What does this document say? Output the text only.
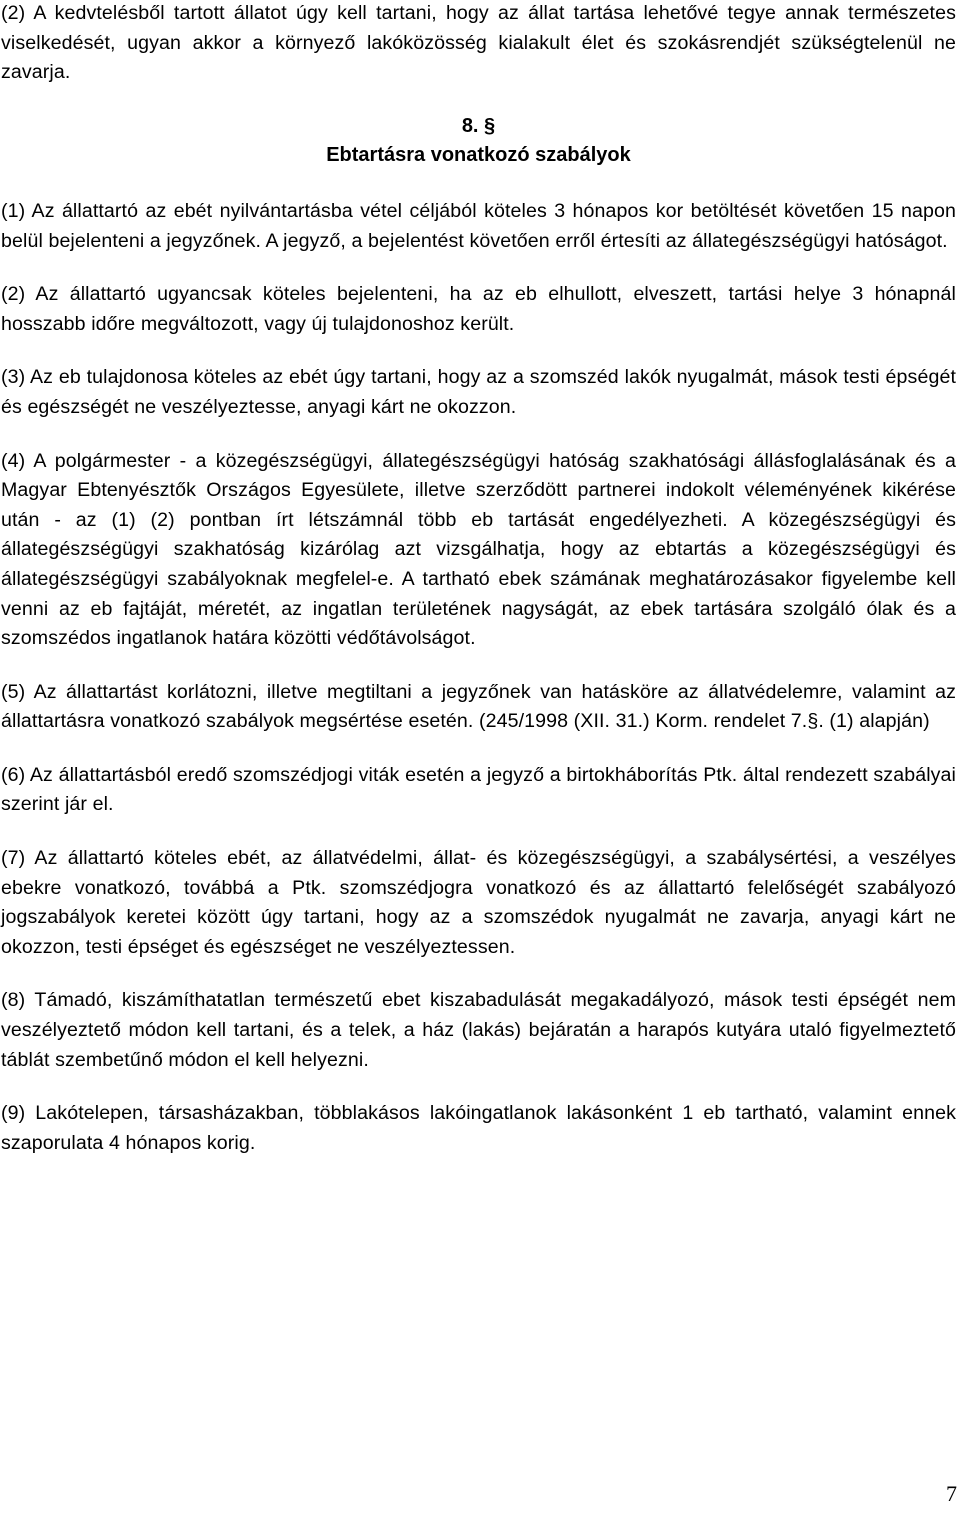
(2) A kedvtelésből tartott állatot úgy kell tartani, hogy az állat tartása lehetővé tegye annak természetes viselkedését, ugyan akkor a környező lakóközösség kialakult élet és szokásrendjét szükségtelenül ne zavarja.

8. §

Ebtartásra vonatkozó szabályok

(1) Az állattartó az ebét nyilvántartásba vétel céljából köteles 3 hónapos kor betöltését követően 15 napon belül bejelenteni a jegyzőnek. A jegyző, a bejelentést követően erről értesíti az állategészségügyi hatóságot.

(2) Az állattartó ugyancsak köteles bejelenteni, ha az eb elhullott, elveszett, tartási helye 3 hónapnál hosszabb időre megváltozott, vagy új tulajdonoshoz került.

(3) Az eb tulajdonosa köteles az ebét úgy tartani, hogy az a szomszéd lakók nyugalmát, mások testi épségét és egészségét ne veszélyeztesse, anyagi kárt ne okozzon.

(4) A polgármester - a közegészségügyi, állategészségügyi hatóság szakhatósági állásfoglalásának és a Magyar Ebtenyésztők Országos Egyesülete, illetve szerződött partnerei indokolt véleményének kikérése után - az (1) (2) pontban írt létszámnál több eb tartását engedélyezheti. A közegészségügyi és állategészségügyi szakhatóság kizárólag azt vizsgálhatja, hogy az ebtartás a közegészségügyi és állategészségügyi szabályoknak megfelel-e. A tartható ebek számának meghatározásakor figyelembe kell venni az eb fajtáját, méretét, az ingatlan területének nagyságát, az ebek tartására szolgáló ólak és a szomszédos ingatlanok határa közötti védőtávolságot.

(5) Az állattartást korlátozni, illetve megtiltani a jegyzőnek van hatásköre az állatvédelemre, valamint az állattartásra vonatkozó szabályok megsértése esetén. (245/1998 (XII. 31.) Korm. rendelet 7.§. (1) alapján)

(6) Az állattartásból eredő szomszédjogi viták esetén a jegyző a birtokháborítás Ptk. által rendezett szabályai szerint jár el.

(7) Az állattartó köteles ebét, az állatvédelmi, állat- és közegészségügyi, a szabálysértési, a veszélyes ebekre vonatkozó, továbbá a Ptk. szomszédjogra vonatkozó és az állattartó felelőségét szabályozó jogszabályok keretei között úgy tartani, hogy az a szomszédok nyugalmát ne zavarja, anyagi kárt ne okozzon, testi épséget és egészséget ne veszélyeztessen.

(8) Támadó, kiszámíthatatlan természetű ebet kiszabadulását megakadályozó, mások testi épségét nem veszélyeztető módon kell tartani, és a telek, a ház (lakás) bejáratán a harapós kutyára utaló figyelmeztető táblát szembetűnő módon el kell helyezni.

(9) Lakótelepen, társasházakban, többlakásos lakóingatlanok lakásonként 1 eb tartható, valamint ennek szaporulata 4 hónapos korig.

7
